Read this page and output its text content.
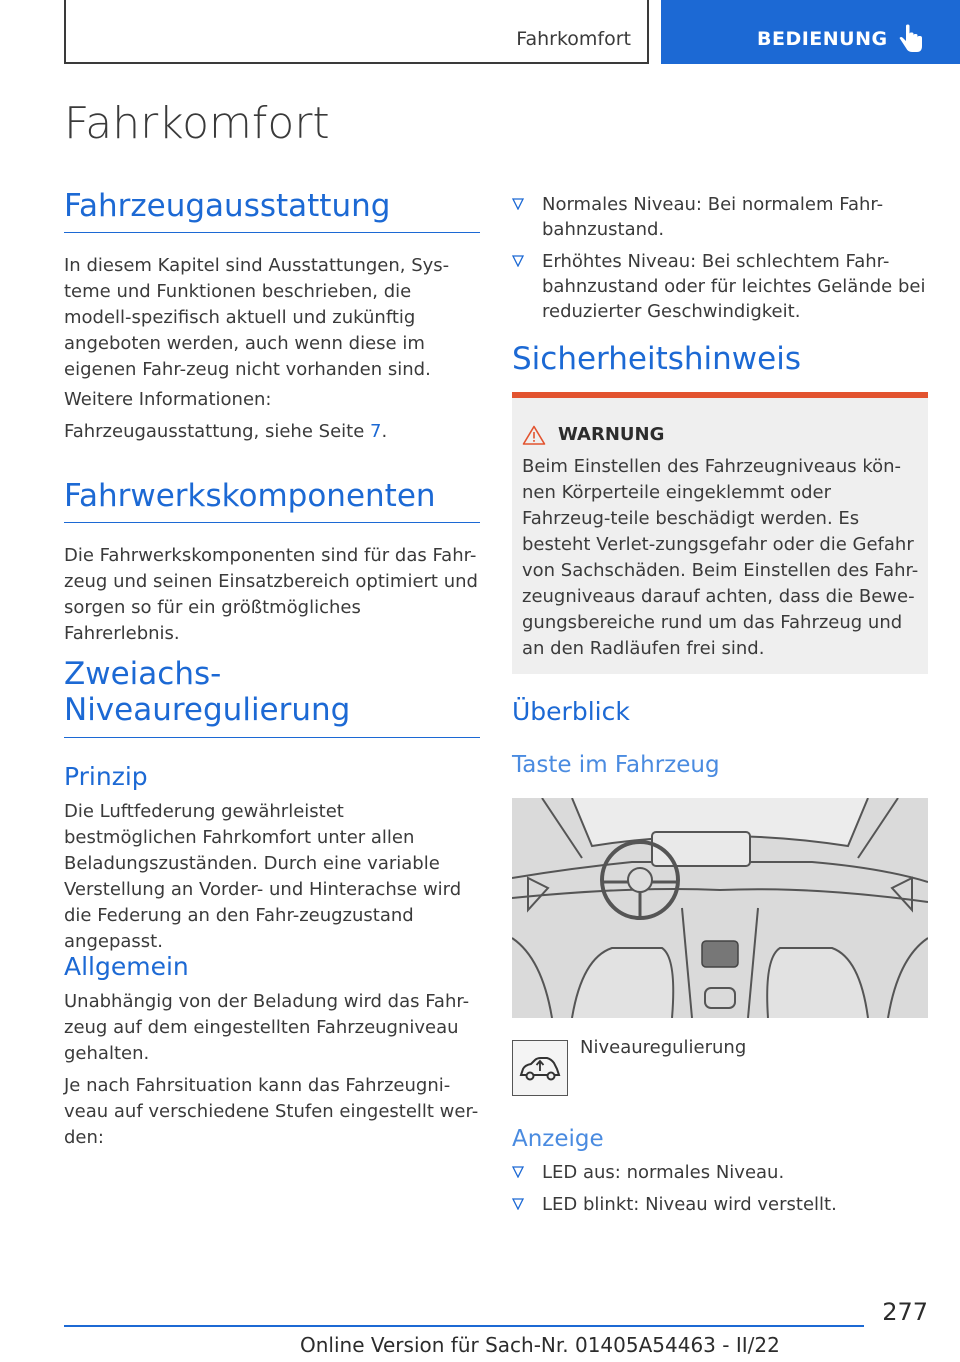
Fahrkomfort	BEDIENUNG
Fahrkomfort
Fahrzeugausstattung

In diesem Kapitel sind Ausstattungen, Sys-teme und Funktionen beschrieben, die modell-spezifisch aktuell und zukünftig angeboten werden, auch wenn diese im eigenen Fahr-zeug nicht vorhanden sind.

Weitere Informationen:

Fahrzeugausstattung, siehe Seite 7.

Fahrwerkskomponenten

Die Fahrwerkskomponenten sind für das Fahr-zeug und seinen Einsatzbereich optimiert und sorgen so für ein größtmögliches Fahrerlebnis.

Zweiachs-
Niveauregulierung
Prinzip

Die Luftfederung gewährleistet bestmöglichen Fahrkomfort unter allen Beladungszuständen. Durch eine variable Verstellung an Vorder- und Hinterachse wird die Federung an den Fahr-zeugzustand angepasst.

Allgemein

Unabhängig von der Beladung wird das Fahr-zeug auf dem eingestellten Fahrzeugniveau gehalten.

Je nach Fahrsituation kann das Fahrzeugni-veau auf verschiedene Stufen eingestellt wer-den:

Normales Niveau: Bei normalem Fahr-bahnzustand.
Erhöhtes Niveau: Bei schlechtem Fahr-bahnzustand oder für leichtes Gelände bei reduzierter Geschwindigkeit.
Sicherheitshinweis
WARNUNG

Beim Einstellen des Fahrzeugniveaus kön-nen Körperteile eingeklemmt oder Fahrzeug-teile beschädigt werden. Es besteht Verlet-zungsgefahr oder die Gefahr von Sachschäden. Beim Einstellen des Fahr-zeugniveaus darauf achten, dass die Bewe-gungsbereiche rund um das Fahrzeug und an den Radläufen frei sind.

Überblick
Taste im Fahrzeug
Niveauregulierung
Anzeige
LED aus: normales Niveau.
LED blinkt: Niveau wird verstellt.
277
Online Version für Sach-Nr. 01405A54463 - II/22
